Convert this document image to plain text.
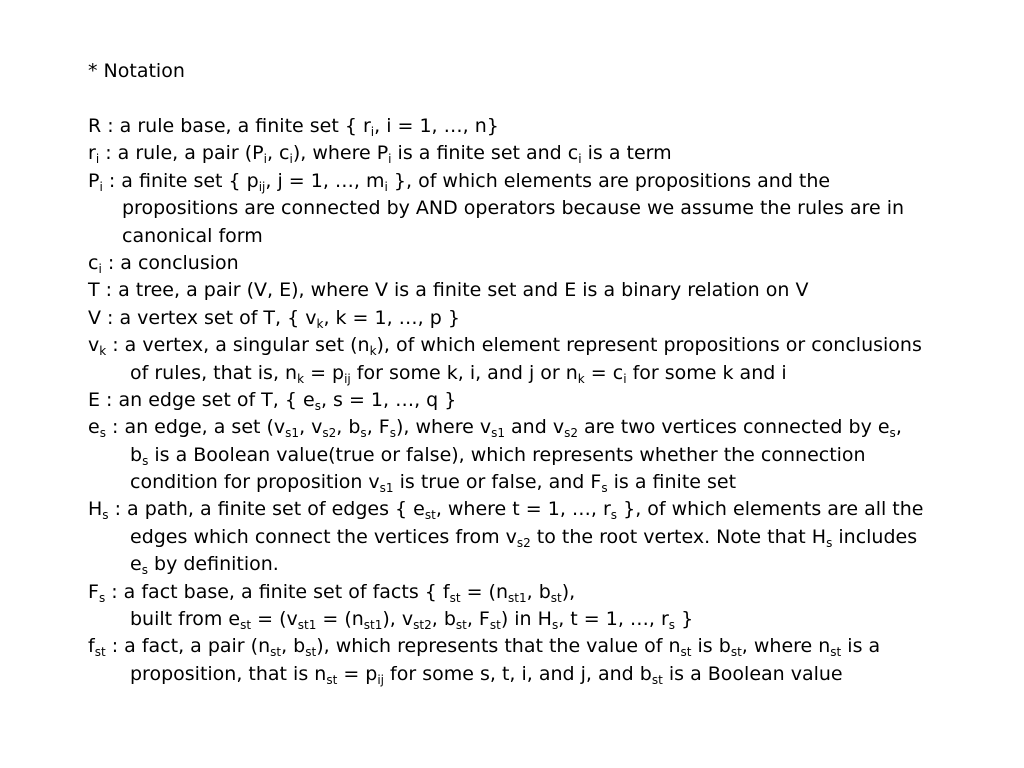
* Notation
R : a rule base, a finite set { $r_i$, i = 1, …, n}
$r_i$ : a rule, a pair ($P_i$, $c_i$), where $P_i$ is a finite set and $c_i$ is a term
$P_i$ : a finite set { $p_{ij}$, j = 1, …, $m_i$ }, of which elements are propositions and the
propositions are connected by AND operators because we assume the rules are in
canonical form
$c_i$ : a conclusion
T : a tree, a pair (V, E), where V is a finite set and E is a binary relation on V
V : a vertex set of T, { $v_k$, k = 1, …, p }
$v_k$ : a vertex, a singular set $(n_k)$, of which element represent propositions or conclusions
of rules, that is, $n_k = p_{ij}$ for some k, i, and j or $n_k = c_i$ for some k and i
E : an edge set of T, { $e_s$, s = 1, …, q }
$e_s$ : an edge, a set ($v_{s1}$, $v_{s2}$, $b_s$, $F_s$), where $v_{s1}$ and $v_{s2}$ are two vertices connected by $e_s$,
$b_s$ is a Boolean value(true or false), which represents whether the connection
condition for proposition $v_{s1}$ is true or false, and $F_s$ is a finite set
$H_s$ : a path, a finite set of edges { $e_{st}$, where t = 1, …, $r_s$ }, of which elements are all the
edges which connect the vertices from $v_{s2}$ to the root vertex. Note that $H_s$ includes
$e_s$ by definition.
$F_s$ : a fact base, a finite set of facts { $f_{st} = (n_{st1}$, $b_{st}$),
built from $e_{st} = (v_{st1} = (n_{st1})$, $v_{st2}$, $b_{st}$, $F_{st}$) in $H_s$, t = 1, …, $r_s$ }
$f_{st}$ : a fact, a pair ($n_{st}$, $b_{st}$), which represents that the value of $n_{st}$ is $b_{st}$, where $n_{st}$ is a
proposition, that is $n_{st} = p_{ij}$ for some s, t, i, and j, and $b_{st}$ is a Boolean value
